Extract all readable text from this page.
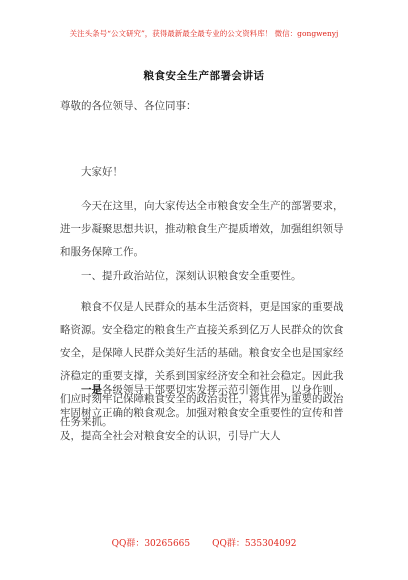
关注头条号“公文研究”，获得最新最全最专业的公文资料库！ 微信：gongwenyj
粮食安全生产部署会讲话

尊敬的各位领导、各位同事：

大家好！

今天在这里，向大家传达全市粮食安全生产的部署要求，进一步凝聚思想共识，推动粮食生产提质增效，加强组织领导和服务保障工作。

一、提升政治站位，深刻认识粮食安全重要性。

粮食不仅是人民群众的基本生活资料，更是国家的重要战略资源。安全稳定的粮食生产直接关系到亿万人民群众的饮食安全，是保障人民群众美好生活的基础。粮食安全也是国家经济稳定的重要支撑，关系到国家经济安全和社会稳定。因此我们应时刻牢记保障粮食安全的政治责任，将其作为重要的政治任务来抓。

一是各级领导干部要切实发挥示范引领作用，以身作则，牢固树立正确的粮食观念。加强对粮食安全重要性的宣传和普及，提高全社会对粮食安全的认识，引导广大人

QQ群：30265665 QQ群：535304092
